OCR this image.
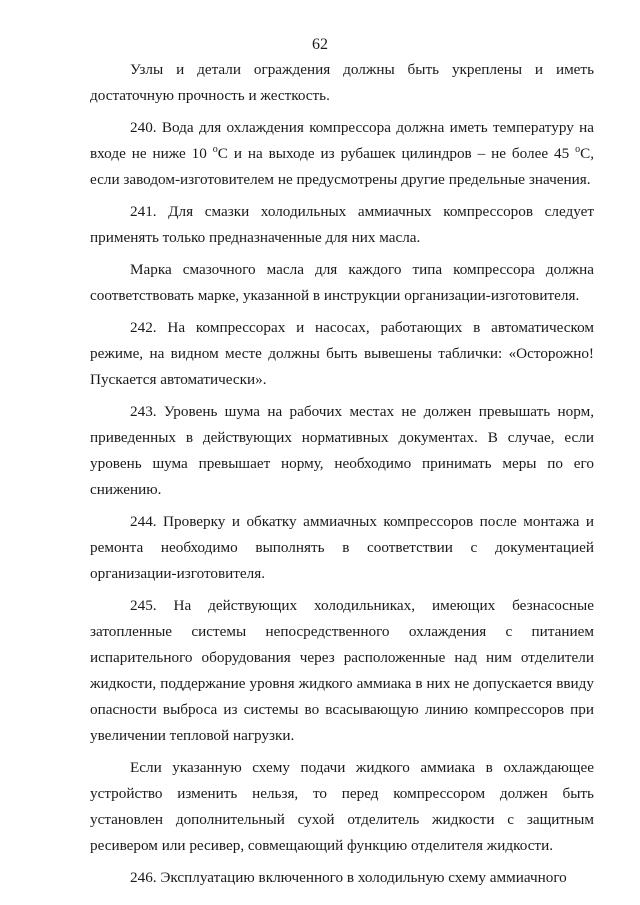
62

Узлы и детали ограждения должны быть укреплены и иметь достаточную прочность и жесткость.

240. Вода для охлаждения компрессора должна иметь температуру на входе не ниже 10 $^o$С и на выходе из рубашек цилиндров – не более 45 $^o$С, если заводом-изготовителем не предусмотрены другие предельные значения.

241. Для смазки холодильных аммиачных компрессоров следует применять только предназначенные для них масла.

Марка смазочного масла для каждого типа компрессора должна соответствовать марке, указанной в инструкции организации-изготовителя.

242. На компрессорах и насосах, работающих в автоматическом режиме, на видном месте должны быть вывешены таблички: «Осторожно! Пускается автоматически».

243. Уровень шума на рабочих местах не должен превышать норм, приведенных в действующих нормативных документах. В случае, если уровень шума превышает норму, необходимо принимать меры по его снижению.

244. Проверку и обкатку аммиачных компрессоров после монтажа и ремонта необходимо выполнять в соответствии с документацией организации-изготовителя.

245. На действующих холодильниках, имеющих безнасосные затопленные системы непосредственного охлаждения с питанием испарительного оборудования через расположенные над ним отделители жидкости, поддержание уровня жидкого аммиака в них не допускается ввиду опасности выброса из системы во всасывающую линию компрессоров при увеличении тепловой нагрузки.

Если указанную схему подачи жидкого аммиака в охлаждающее устройство изменить нельзя, то перед компрессором должен быть установлен дополнительный сухой отделитель жидкости с защитным ресивером или ресивер, совмещающий функцию отделителя жидкости.

246. Эксплуатацию включенного в холодильную схему аммиачного
